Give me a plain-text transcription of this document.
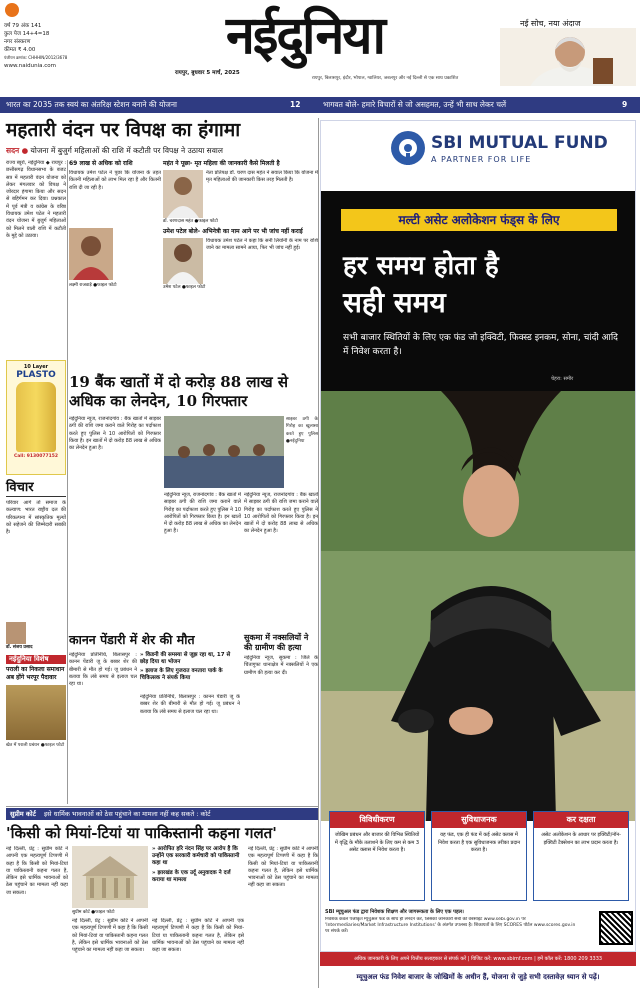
वर्ष 79 अंक 141
कुल पेज 14+4=18
नगर संस्करण
कीमत ₹ 4.00
पंजीयन क्रमांक: CHHHIN/2012/3678
www.naidunia.com	नईदुनिया	नई सोच, नया अंदाज
रायपुर, बुधवार 5 मार्च, 2025
रायपुर, बिलासपुर, इंदौर, भोपाल, ग्वालियर, जबलपुर और नई दिल्ली से एक साथ प्रकाशित
भारत का 2035 तक स्वयं का अंतरिक्ष स्टेशन बनाने की योजना	12	भागवत बोले- हमारे विचारों से जो असहमत, उन्हें भी साथ लेकर चलें	9
महतारी वंदन पर विपक्ष का हंगामा
सदन ● योजना में बुजुर्ग महिलाओं की राशि में कटौती पर विपक्ष ने उठाया सवाल
राज्य ब्यूरो, नईदुनिया ◆ रायपुर : छत्तीसगढ़ विधानसभा के बजट सत्र में महतारी वंदन योजना को लेकर मंगलवार को विपक्ष ने जोरदार हंगामा किया और सदन से बहिर्गमन कर दिया। प्रश्नकाल में पूर्व मंत्री व कांग्रेस के वरिष्ठ विधायक उमेश पटेल ने महतारी वंदन योजना में बुजुर्ग महिलाओं को मिलने वाली राशि में कटौती के मुद्दे को उठाया।
69 लाख से अधिक को राशि
विधायक उमेश पटेल ने पूछा कि योजना के तहत कितनी महिलाओं को लाभ मिल रहा है और कितनी राशि दी जा रही है।
लक्ष्मी राजवाड़े ●फाइल फोटो
महंत ने पूछा- मृत महिला की जानकारी कैसे मिलती है
नेता प्रतिपक्ष डॉ. चरण दास महंत ने सवाल किया कि योजना में मृत महिलाओं की जानकारी किस तरह मिलती है।
डॉ. चरणदास महंत ●फाइल फोटो
उमेश पटेल बोले- अभिनेत्री का नाम आने पर भी जांच नहीं कराई
विधायक उमेश पटेल ने कहा कि सनी लियोनी के नाम पर राशि जाने का मामला सामने आया, फिर भी जांच नहीं हुई।
उमेश पटेल ●फाइल फोटो
10 Layer
PLASTO
Call: 9130077152
19 बैंक खातों में दो करोड़ 88 लाख से अधिक का लेनदेन, 10 गिरफ्तार
नईदुनिया न्यूज, राजनांदगांव : बैंक खातों में साइबर ठगी की राशि जमा कराने वाले गिरोह का पर्दाफाश करते हुए पुलिस ने 10 आरोपितों को गिरफ्तार किया है। इन खातों में दो करोड़ 88 लाख से अधिक का लेनदेन हुआ है।
साइबर ठगी के गिरोह का खुलासा करते हुए पुलिस ●नईदुनिया
नईदुनिया न्यूज, राजनांदगांव : बैंक खातों में साइबर ठगी की राशि जमा कराने वाले गिरोह का पर्दाफाश करते हुए पुलिस ने 10 आरोपितों को गिरफ्तार किया है। इन खातों में दो करोड़ 88 लाख से अधिक का लेनदेन हुआ है।
नईदुनिया न्यूज, राजनांदगांव : बैंक खातों में साइबर ठगी की राशि जमा कराने वाले गिरोह का पर्दाफाश करते हुए पुलिस ने 10 आरोपितों को गिरफ्तार किया है। इन खातों में दो करोड़ 88 लाख से अधिक का लेनदेन हुआ है।
विचार
परिवार आगे तो समाज के कल्याण: भारत राष्ट्रीय दल की परिकल्पना में सांस्कृतिक मूल्यों को सहेजने की जिम्मेदारी सबकी है।
डॉ. संजय प्रसाद
नईदुनिया विशेष
पराली का निकला समाधान अब होंगे भरपूर पैदावार
खेत में पराली प्रबंधन ●फाइल फोटो
कानन पेंडारी में शेर की मौत
नईदुनिया प्रतिनिधि, बिलासपुर : कानन पेंडारी जू के बब्बर शेर की बीमारी से मौत हो गई। जू प्रबंधन ने बताया कि लंबे समय से इलाज चल रहा था।
» किडनी की समस्या से जूझ रहा था, 17 से छोड़ दिया था भोजन
» इलाज के लिए गुजरात वनतारा पार्क के चिकित्सक ने संपर्क किया
नईदुनिया प्रतिनिधि, बिलासपुर : कानन पेंडारी जू के बब्बर शेर की बीमारी से मौत हो गई। जू प्रबंधन ने बताया कि लंबे समय से इलाज चल रहा था।
सुकमा में नक्सलियों ने की ग्रामीण की हत्या
नईदुनिया न्यूज, सुकमा : जिले के चिंतागुफा थानाक्षेत्र में नक्सलियों ने एक ग्रामीण की हत्या कर दी।
सुप्रीम कोर्ट इसे धार्मिक भावनाओं को ठेस पहुंचाने का मामला नहीं कह सकते : कोर्ट
'किसी को मियां-टियां या पाकिस्तानी कहना गलत'
नई दिल्ली, प्रेट्र : सुप्रीम कोर्ट ने आपनी एक महत्वपूर्ण टिप्पणी में कहा है कि किसी को मियां-टियां या पाकिस्तानी कहना गलत है, लेकिन इसे धार्मिक भावनाओं को ठेस पहुंचाने का मामला नहीं कहा जा सकता।
सुप्रीम कोर्ट ●फाइल फोटो
» आरोपित हरि नंदन सिंह पर आरोप है कि उन्होंने एक सरकारी कर्मचारी को पाकिस्तानी कहा था
» झारखंड के एक उर्दू अनुवादक ने दर्ज कराया था मामला
नई दिल्ली, प्रेट्र : सुप्रीम कोर्ट ने आपनी एक महत्वपूर्ण टिप्पणी में कहा है कि किसी को मियां-टियां या पाकिस्तानी कहना गलत है, लेकिन इसे धार्मिक भावनाओं को ठेस पहुंचाने का मामला नहीं कहा जा सकता।
नई दिल्ली, प्रेट्र : सुप्रीम कोर्ट ने आपनी एक महत्वपूर्ण टिप्पणी में कहा है कि किसी को मियां-टियां या पाकिस्तानी कहना गलत है, लेकिन इसे धार्मिक भावनाओं को ठेस पहुंचाने का मामला नहीं कहा जा सकता।
नई दिल्ली, प्रेट्र : सुप्रीम कोर्ट ने आपनी एक महत्वपूर्ण टिप्पणी में कहा है कि किसी को मियां-टियां या पाकिस्तानी कहना गलत है, लेकिन इसे धार्मिक भावनाओं को ठेस पहुंचाने का मामला नहीं कहा जा सकता।
SBI MUTUAL FUND
A PARTNER FOR LIFE
मल्टी असेट अलोकेशन फंड्स के लिए
हर समय होता है
सही समय
सभी बाजार स्थितियों के लिए एक फंड जो इक्विटी, फिक्स्ड इनकम, सोना, चांदी आदि में निवेश करता है।
चेहरा: समीर
विविधीकरण
जोखिम प्रबंधन और बाजार की विभिन्न स्थितियों में वृद्धि के मौके तलाशने के लिए कम से कम 3 असेट क्लास में निवेश करता है।
सुविधाजनक
यह फंड, एक ही फंड में कई असेट क्लास में निवेश करता है एक सुविधाजनक तरीका प्रदान करता है।
कर दक्षता
असेट अलोकेशन के आधार पर इक्विटी/नॉन-इक्विटी टैक्सेशन का लाभ प्रदान करता है।
SBI म्यूचुअल फंड द्वारा निवेशक शिक्षण और जागरूकता के लिए एक पहल।
निवेशक केवल पंजीकृत म्यूचुअल फंड के साथ ही लेनदेन करें, जिसकी जानकारी सेबी की वेबसाइट www.sebi.gov.in पर 'Intermediaries/Market Infrastructure Institutions' के अंतर्गत उपलब्ध है। शिकायतों के लिए SCORES पोर्टल www.scores.gov.in पर संपर्क करें।
अधिक जानकारी के लिए अपने वित्तीय सलाहकार से संपर्क करें | विजिट करें: www.sbimf.com | हमें कॉल करें: 1800 209 3333
म्यूचुअल फंड निवेश बाजार के जोखिमों के अधीन हैं, योजना से जुड़े सभी दस्तावेज़ ध्यान से पढ़ें।
